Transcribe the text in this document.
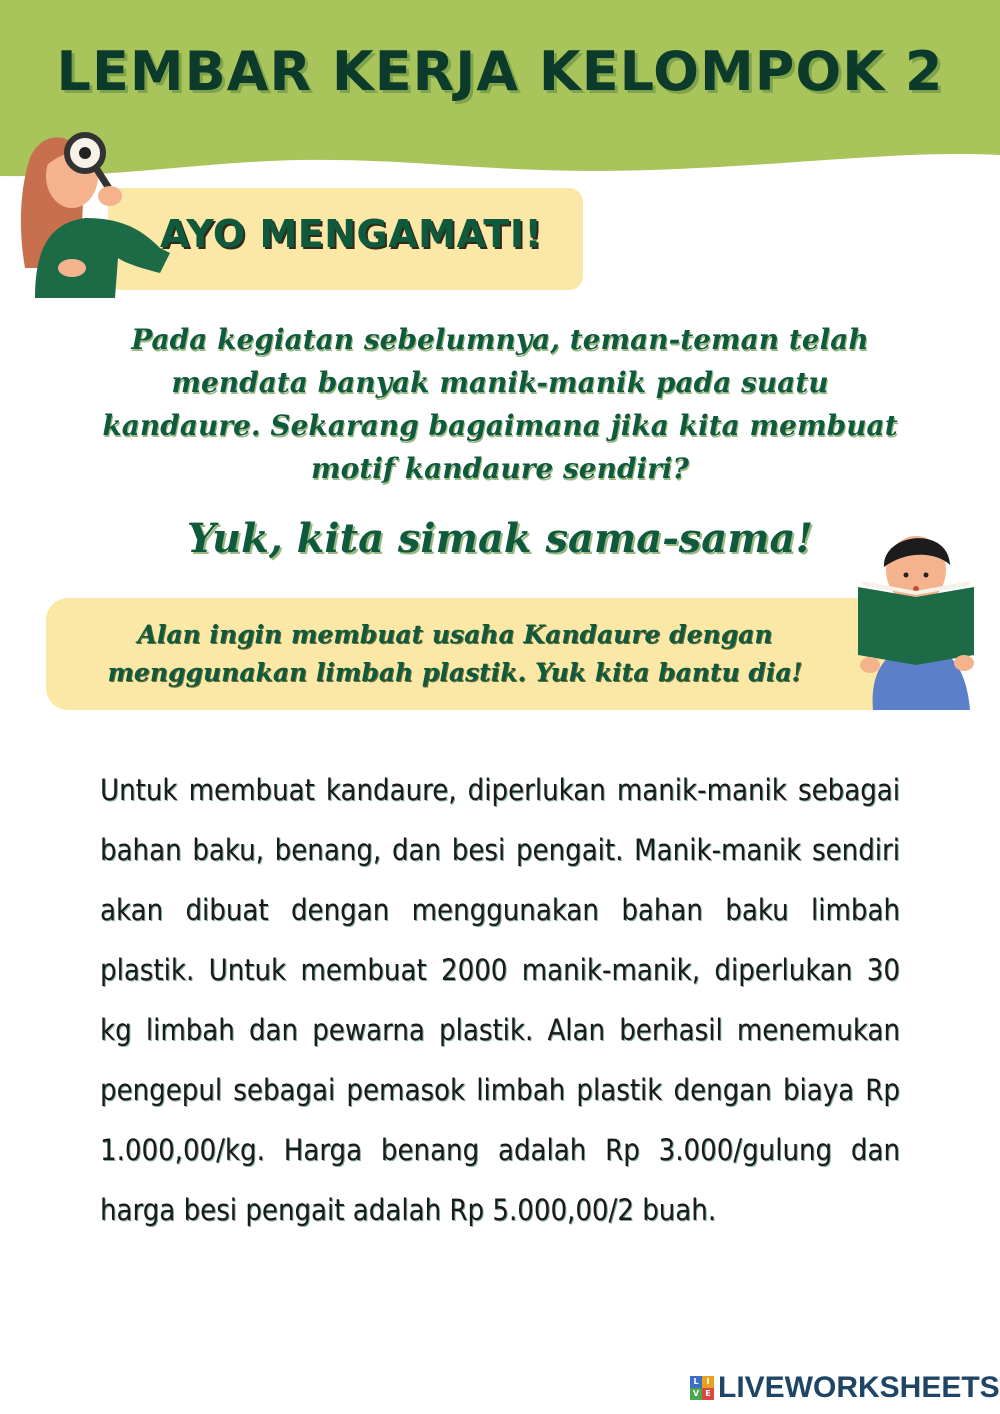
LEMBAR KERJA KELOMPOK 2
AYO MENGAMATI!

Pada kegiatan sebelumnya, teman-teman telah mendata banyak manik-manik pada suatu kandaure. Sekarang bagaimana jika kita membuat motif kandaure sendiri?

Yuk, kita simak sama-sama!

Alan ingin membuat usaha Kandaure dengan menggunakan limbah plastik. Yuk kita bantu dia!

Untuk membuat kandaure, diperlukan manik-manik sebagai bahan baku, benang, dan besi pengait. Manik-manik sendiri akan dibuat dengan menggunakan bahan baku limbah plastik. Untuk membuat 2000 manik-manik, diperlukan 30 kg limbah dan pewarna plastik. Alan berhasil menemukan pengepul sebagai pemasok limbah plastik dengan biaya Rp 1.000,00/kg. Harga benang adalah Rp 3.000/gulung dan harga besi pengait adalah Rp 5.000,00/2 buah.

L I
V E LIVEWORKSHEETS
